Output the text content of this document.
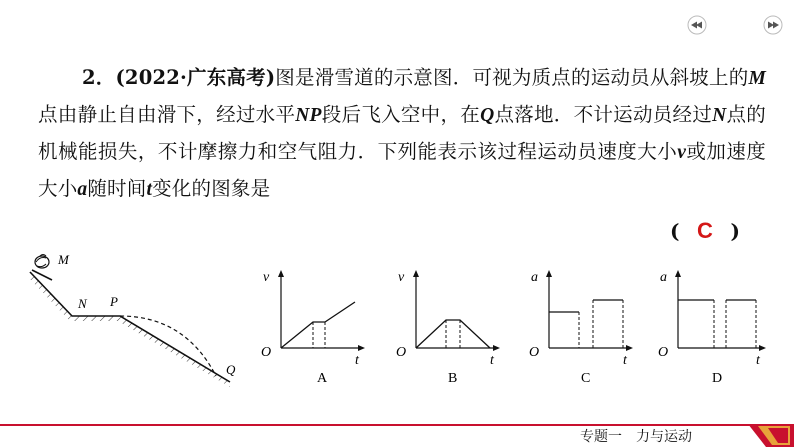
2．(2022·广东高考)图是滑雪道的示意图．可视为质点的运动员从斜坡上的M点由静止自由滑下，经过水平NP段后飞入空中，在Q点落地．不计运动员经过N点的机械能损失，不计摩擦力和空气阻力．下列能表示该过程运动员速度大小v或加速度大小a随时间t变化的图象是

( C )
M
N P
Q
v
t
O
A
v
t
O
B
a
t
O
C
a
t
O
D
专题一 力与运动
